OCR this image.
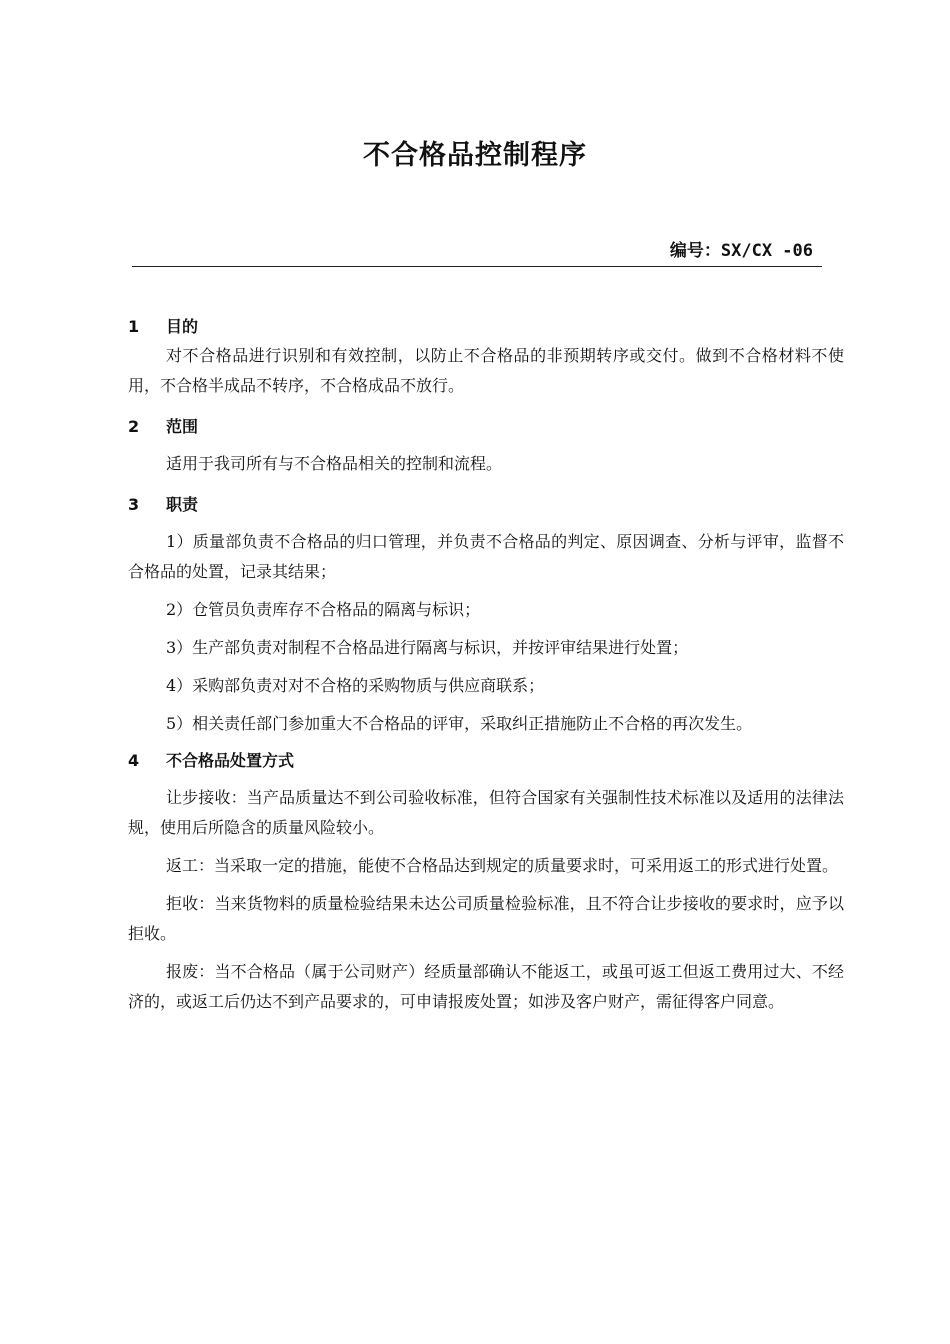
不合格品控制程序
编号：SX/CX -06
1 目的

对不合格品进行识别和有效控制，以防止不合格品的非预期转序或交付。做到不合格材料不使用，不合格半成品不转序，不合格成品不放行。

2 范围

适用于我司所有与不合格品相关的控制和流程。

3 职责

1）质量部负责不合格品的归口管理，并负责不合格品的判定、原因调查、分析与评审，监督不合格品的处置，记录其结果；

2）仓管员负责库存不合格品的隔离与标识；

3）生产部负责对制程不合格品进行隔离与标识，并按评审结果进行处置；

4）采购部负责对对不合格的采购物质与供应商联系；

5）相关责任部门参加重大不合格品的评审，采取纠正措施防止不合格的再次发生。

4 不合格品处置方式

让步接收：当产品质量达不到公司验收标准，但符合国家有关强制性技术标准以及适用的法律法规，使用后所隐含的质量风险较小。

返工：当采取一定的措施，能使不合格品达到规定的质量要求时，可采用返工的形式进行处置。

拒收：当来货物料的质量检验结果未达公司质量检验标准，且不符合让步接收的要求时，应予以拒收。

报废：当不合格品（属于公司财产）经质量部确认不能返工，或虽可返工但返工费用过大、不经济的，或返工后仍达不到产品要求的，可申请报废处置；如涉及客户财产，需征得客户同意。
